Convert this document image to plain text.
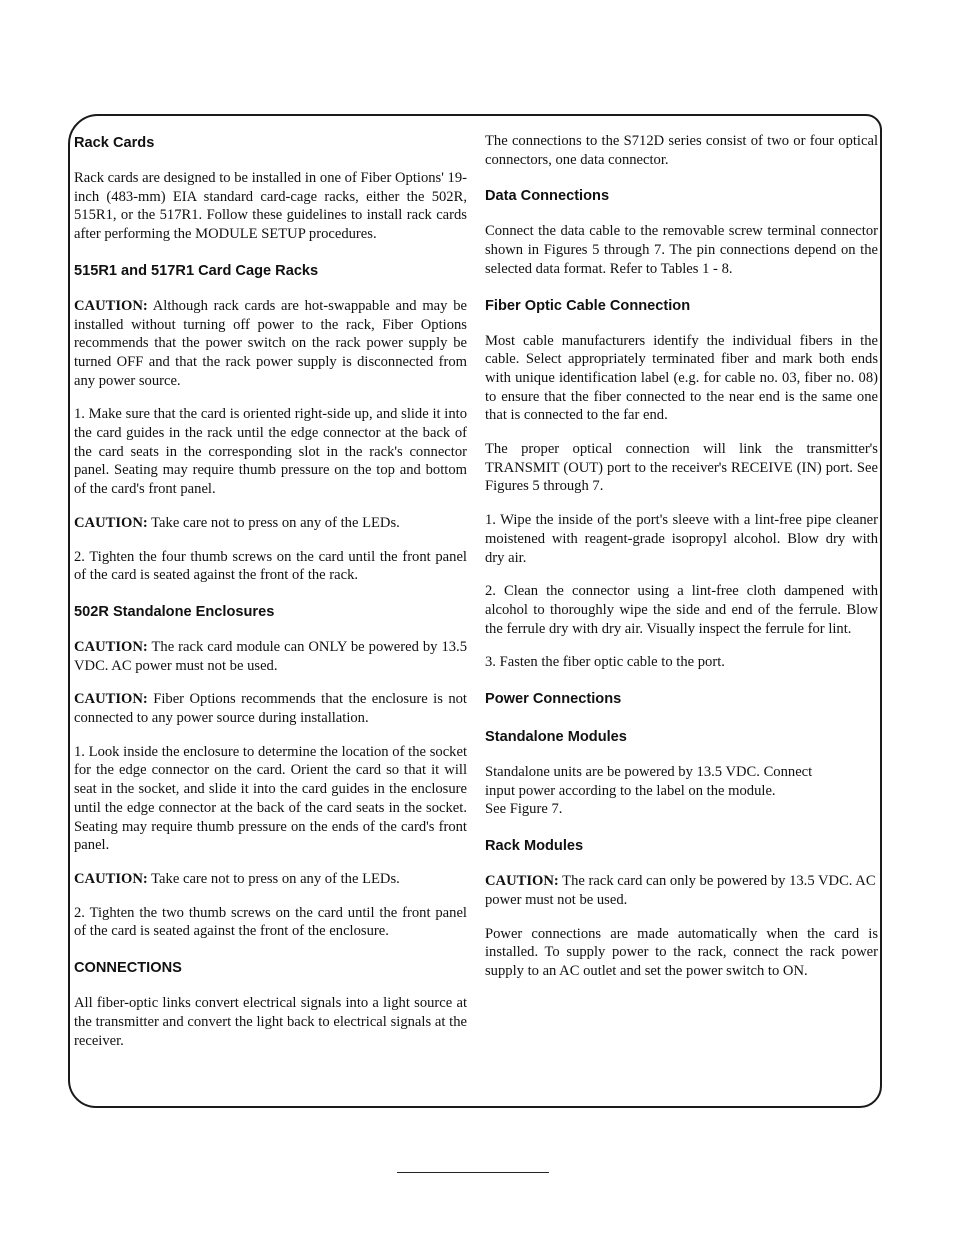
Rack Cards

Rack cards are designed to be installed in one of Fiber Options' 19-inch (483-mm) EIA standard card-cage racks, either the 502R, 515R1, or the 517R1. Follow these guidelines to install rack cards after performing the MODULE SETUP procedures.

515R1 and 517R1 Card Cage Racks

CAUTION: Although rack cards are hot-swappable and may be installed without turning off power to the rack, Fiber Options recommends that the power switch on the rack power supply be turned OFF and that the rack power supply is disconnected from any power source.

1. Make sure that the card is oriented right-side up, and slide it into the card guides in the rack until the edge connector at the back of the card seats in the corresponding slot in the rack's connector panel. Seating may require thumb pressure on the top and bottom of the card's front panel.

CAUTION: Take care not to press on any of the LEDs.

2. Tighten the four thumb screws on the card until the front panel of the card is seated against the front of the rack.

502R Standalone Enclosures

CAUTION: The rack card module can ONLY be powered by 13.5 VDC. AC power must not be used.

CAUTION: Fiber Options recommends that the enclosure is not connected to any power source during installation.

1. Look inside the enclosure to determine the location of the socket for the edge connector on the card. Orient the card so that it will seat in the socket, and slide it into the card guides in the enclosure until the edge connector at the back of the card seats in the socket. Seating may require thumb pressure on the ends of the card's front panel.

CAUTION: Take care not to press on any of the LEDs.

2. Tighten the two thumb screws on the card until the front panel of the card is seated against the front of the enclosure.

CONNECTIONS

All fiber-optic links convert electrical signals into a light source at the transmitter and convert the light back to electrical signals at the receiver.

The connections to the S712D series consist of two or four optical connectors, one data connector.

Data Connections

Connect the data cable to the removable screw terminal connector shown in Figures 5 through 7. The pin connections depend on the selected data format. Refer to Tables 1 - 8.

Fiber Optic Cable Connection

Most cable manufacturers identify the individual fibers in the cable. Select appropriately terminated fiber and mark both ends with unique identification label (e.g. for cable no. 03, fiber no. 08) to ensure that the fiber connected to the near end is the same one that is connected to the far end.

The proper optical connection will link the transmitter's TRANSMIT (OUT) port to the receiver's RECEIVE (IN) port. See Figures 5 through 7.

1. Wipe the inside of the port's sleeve with a lint-free pipe cleaner moistened with reagent-grade isopropyl alcohol. Blow dry with dry air.

2. Clean the connector using a lint-free cloth dampened with alcohol to thoroughly wipe the side and end of the ferrule. Blow the ferrule dry with dry air. Visually inspect the ferrule for lint.

3. Fasten the fiber optic cable to the port.

Power Connections
Standalone Modules

Standalone units are be powered by 13.5 VDC. Connect
input power according to the label on the module.
See Figure 7.

Rack Modules

CAUTION: The rack card can only be powered by 13.5 VDC. AC power must not be used.

Power connections are made automatically when the card is installed. To supply power to the rack, connect the rack power supply to an AC outlet and set the power switch to ON.
